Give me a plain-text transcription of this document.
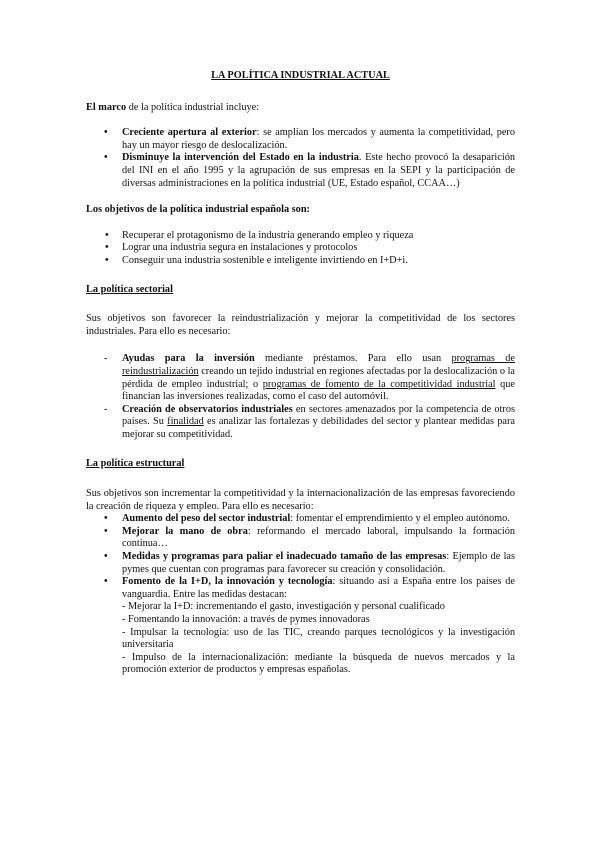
LA POLÍTICA INDUSTRIAL ACTUAL

El marco de la política industrial incluye:

• Creciente apertura al exterior: se amplían los mercados y aumenta la competitividad, pero hay un mayor riesgo de deslocalización.
• Disminuye la intervención del Estado en la industria. Este hecho provocó la desaparición del INI en el año 1995 y la agrupación de sus empresas en la SEPI y la participación de diversas administraciones en la política industrial (UE, Estado español, CCAA…)

Los objetivos de la política industrial española son:

• Recuperar el protagonismo de la industria generando empleo y riqueza
• Lograr una industria segura en instalaciones y protocolos
• Conseguir una industria sostenible e inteligente invirtiendo en I+D+i.

La política sectorial

Sus objetivos son favorecer la reindustrialización y mejorar la competitividad de los sectores industriales. Para ello es necesario:

- Ayudas para la inversión mediante préstamos. Para ello usan programas de reindustrialización creando un tejido industrial en regiones afectadas por la deslocalización o la pérdida de empleo industrial; o programas de fomento de la competitividad industrial que financian las inversiones realizadas, como el caso del automóvil.
- Creación de observatorios industriales en sectores amenazados por la competencia de otros países. Su finalidad es analizar las fortalezas y debilidades del sector y plantear medidas para mejorar su competitividad.

La política estructural

Sus objetivos son incrementar la competitividad y la internacionalización de las empresas favoreciendo la creación de riqueza y empleo. Para ello es necesario:

• Aumento del peso del sector industrial: fomentar el emprendimiento y el empleo autónomo.
• Mejorar la mano de obra: reformando el mercado laboral, impulsando la formación continua…
• Medidas y programas para paliar el inadecuado tamaño de las empresas: Ejemplo de las pymes que cuentan con programas para favorecer su creación y consolidación.
• Fomento de la I+D, la innovación y tecnología: situando así a España entre los países de vanguardia. Entre las medidas destacan:
- Mejorar la I+D: incrementando el gasto, investigación y personal cualificado
- Fomentando la innovación: a través de pymes innovadoras
- Impulsar la tecnología: uso de las TIC, creando parques tecnológicos y la investigación universitaria
- Impulso de la internacionalización: mediante la búsqueda de nuevos mercados y la promoción exterior de productos y empresas españolas.
